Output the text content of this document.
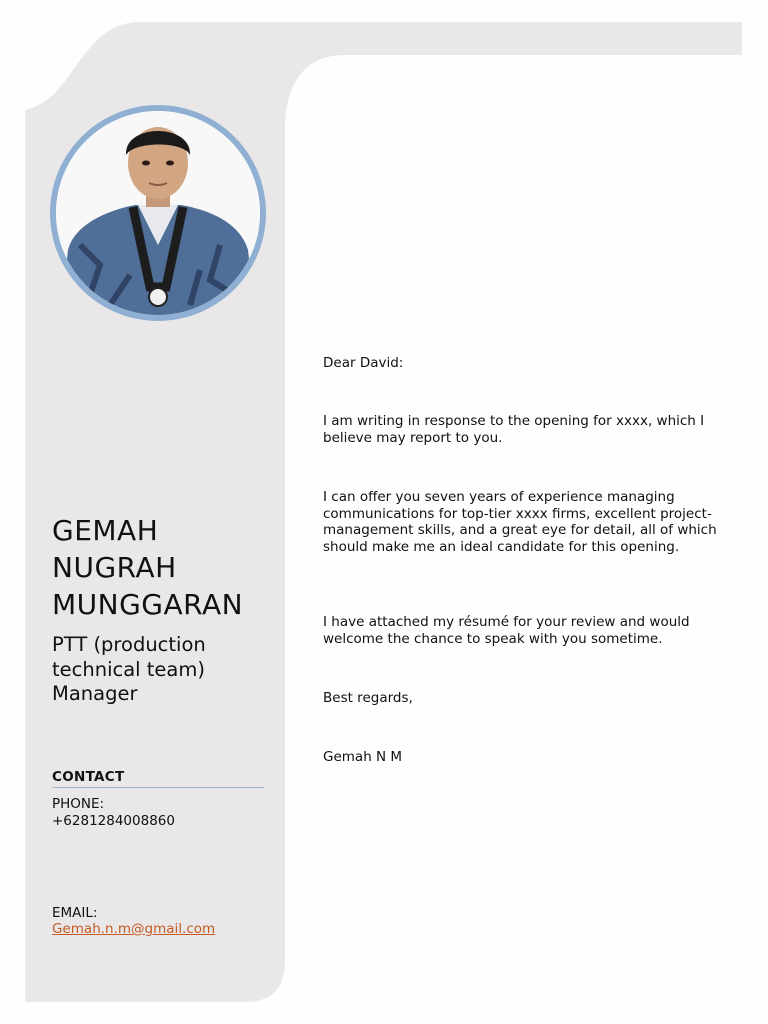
GEMAH NUGRAH MUNGGARAN

PTT (production technical team) Manager

CONTACT
PHONE:
+6281284008860
EMAIL:
Gemah.n.m@gmail.com

Dear David:

I am writing in response to the opening for xxxx, which I believe may report to you.

I can offer you seven years of experience managing communications for top-tier xxxx firms, excellent project-management skills, and a great eye for detail, all of which should make me an ideal candidate for this opening.

I have attached my résumé for your review and would welcome the chance to speak with you sometime.

Best regards,

Gemah N M
